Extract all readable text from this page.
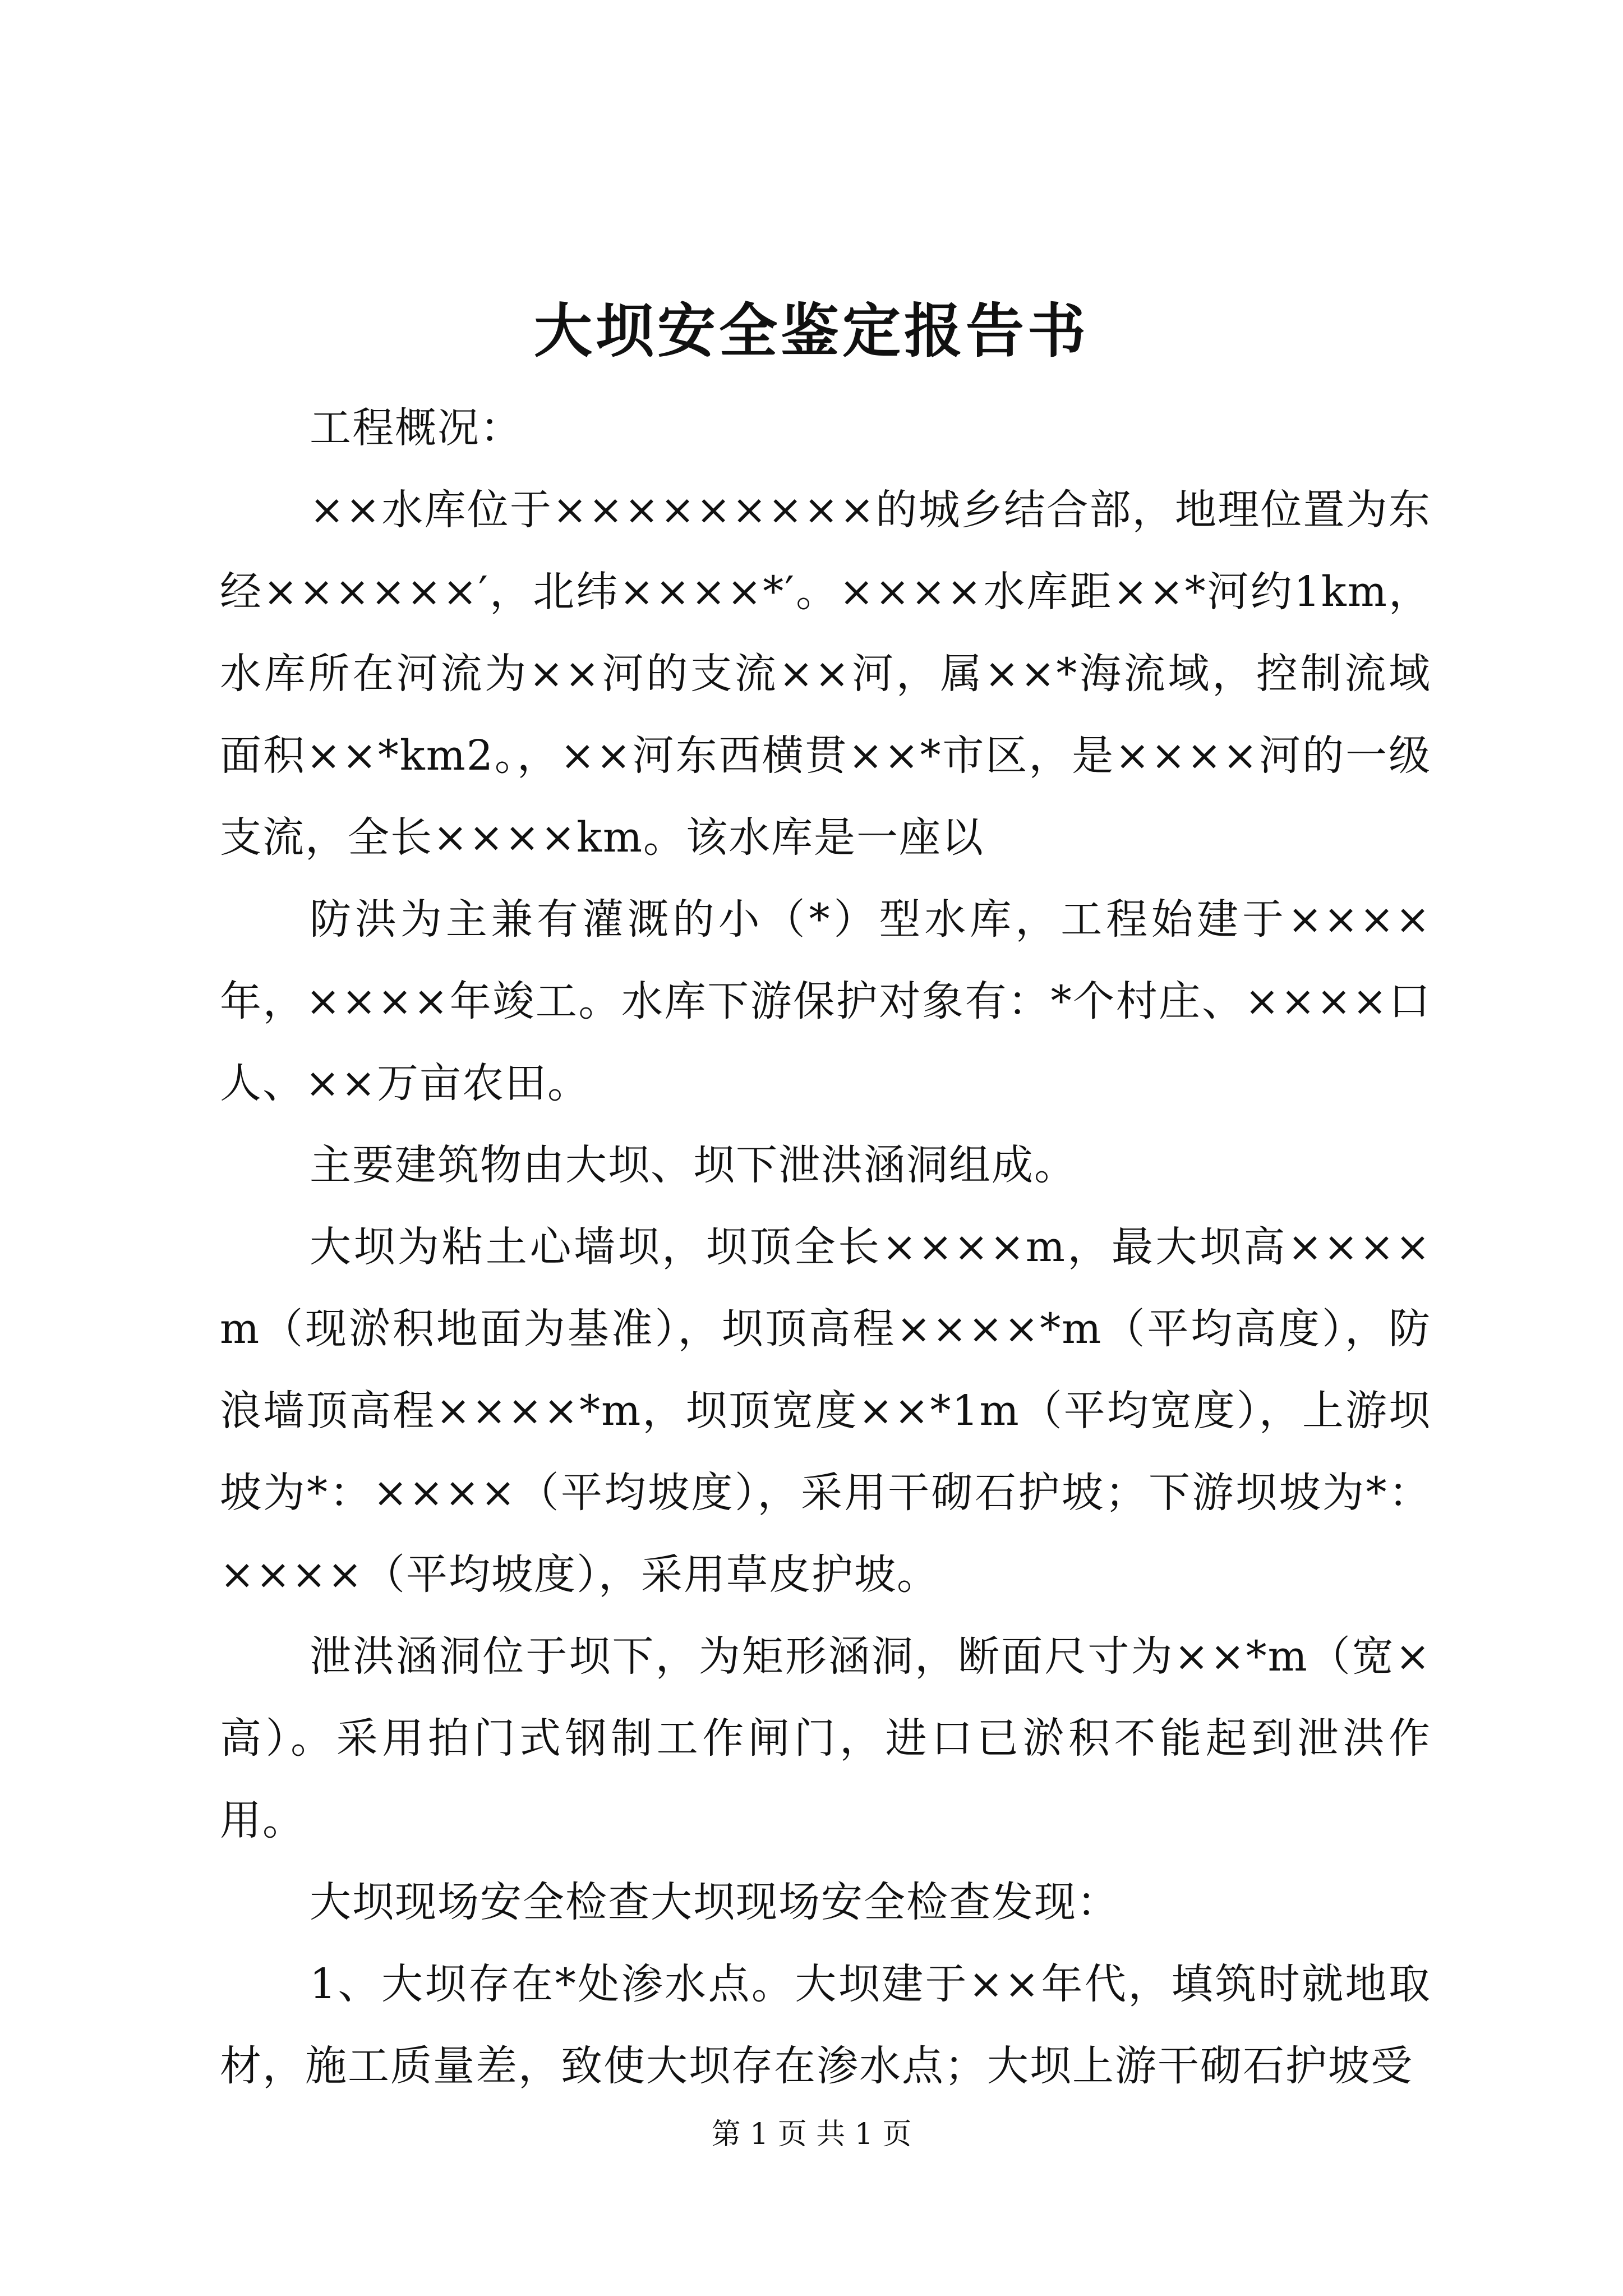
大坝安全鉴定报告书

工程概况：

××水库位于×××××××××的城乡结合部，地理位置为东经××××××′，北纬××××*′。××××水库距××*河约1km，水库所在河流为××河的支流××河，属××*海流域，控制流域面积××*km2。，××河东西横贯××*市区，是××××河的一级支流，全长××××km。该水库是一座以

防洪为主兼有灌溉的小（*）型水库，工程始建于××××年，××××年竣工。水库下游保护对象有：*个村庄、××××口人、××万亩农田。

主要建筑物由大坝、坝下泄洪涵洞组成。

大坝为粘土心墙坝，坝顶全长××××m，最大坝高××××m（现淤积地面为基准），坝顶高程××××*m（平均高度），防浪墙顶高程××××*m，坝顶宽度××*1m（平均宽度），上游坝坡为*：××××（平均坡度），采用干砌石护坡；下游坝坡为*：××××（平均坡度），采用草皮护坡。

泄洪涵洞位于坝下，为矩形涵洞，断面尺寸为××*m（宽×高）。采用拍门式钢制工作闸门，进口已淤积不能起到泄洪作用。

大坝现场安全检查大坝现场安全检查发现：

1、大坝存在*处渗水点。大坝建于××年代，填筑时就地取材，施工质量差，致使大坝存在渗水点；大坝上游干砌石护坡受

第 1 页 共 1 页
